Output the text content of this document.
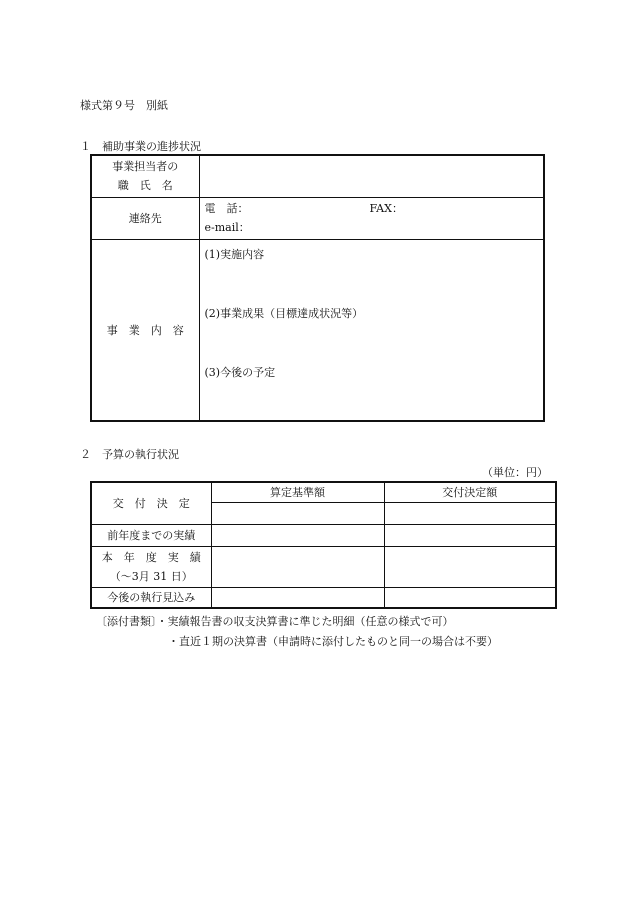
様式第９号　別紙
１　補助事業の進捗状況
事業担当者の
職　氏　名	

連絡先	電　話： FAX：
e-mail：

事　業　内　容	(1)実施内容
(2)事業成果（目標達成状況等）
(3)今後の予定
２　予算の執行状況
（単位：円）
交　付　決　定	算定基準額	交付決定額

前年度までの実績		

本　年　度　実　績
（～3月 31 日）		

今後の執行見込み		
〔添付書類〕・実績報告書の収支決算書に準じた明細（任意の様式で可）
・直近１期の決算書（申請時に添付したものと同一の場合は不要）
